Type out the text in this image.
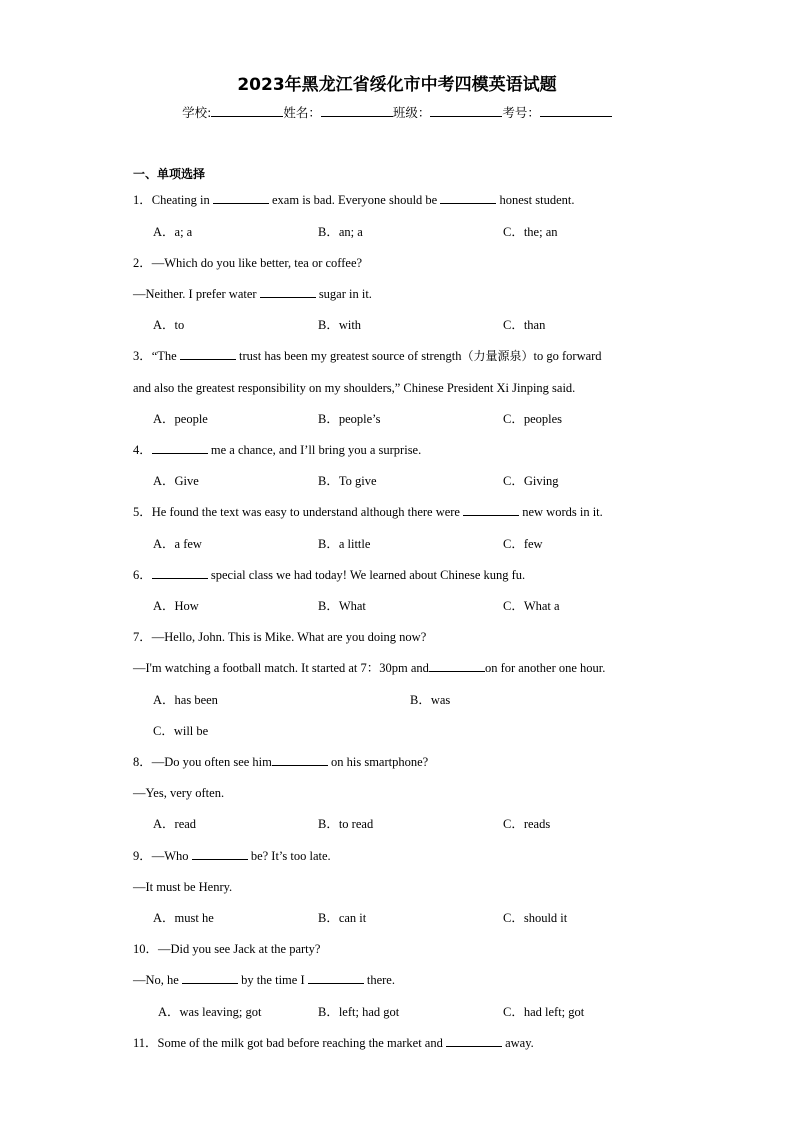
2023年黑龙江省绥化市中考四模英语试题
学校:	姓名：	班级：	考号：
一、单项选择
1．Cheating in	exam is bad. Everyone should be	honest student.
A．a; a	B．an; a	C．the; an
2．—Which do you like better, tea or coffee?
—Neither. I prefer water	sugar in it.
A．to	B．with	C．than
3．“The	trust has been my greatest source of strength（力量源泉）to go forward
and also the greatest responsibility on my shoulders,” Chinese President Xi Jinping said.
A．people	B．people’s	C．peoples
4．	me a chance, and I’ll bring you a surprise.
A．Give	B．To give	C．Giving
5．He found the text was easy to understand although there were	new words in it.
A．a few	B．a little	C．few
6．	special class we had today! We learned about Chinese kung fu.
A．How	B．What	C．What a
7．—Hello, John. This is Mike. What are you doing now?
—I'm watching a football match. It started at 7：30pm and	on for another one hour.
A．has been	B．was
C．will be
8．—Do you often see him	on his smartphone?
—Yes, very often.
A．read	B．to read	C．reads
9．—Who	be? It’s too late.
—It must be Henry.
A．must he	B．can it	C．should it
10．—Did you see Jack at the party?
—No, he	by the time I	there.
A．was leaving; got	B．left; had got	C．had left; got
11．Some of the milk got bad before reaching the market and	away.
